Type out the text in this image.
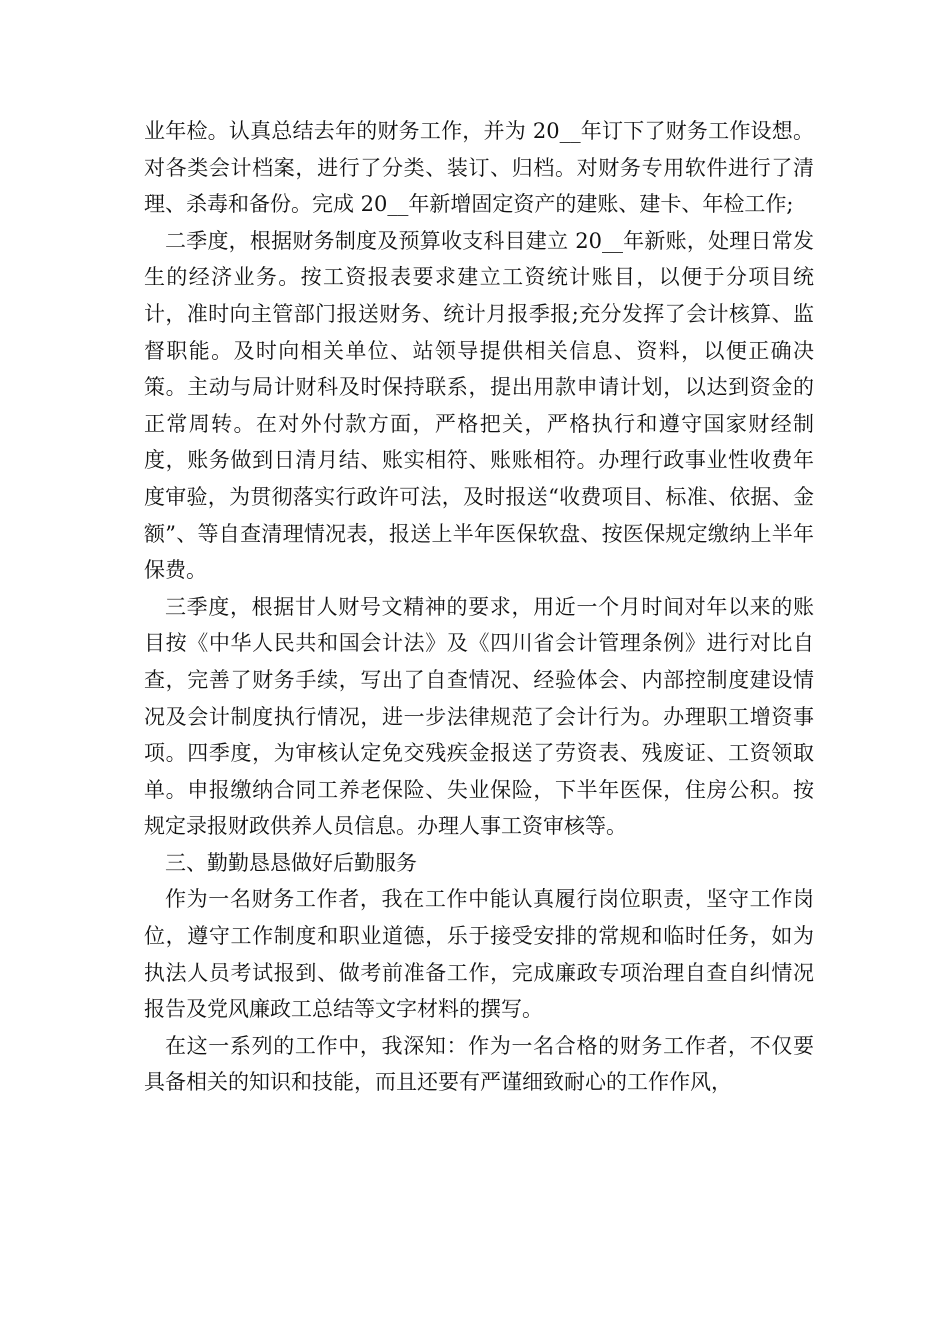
业年检。认真总结去年的财务工作，并为 20__年订下了财务工作设想。对各类会计档案，进行了分类、装订、归档。对财务专用软件进行了清理、杀毒和备份。完成 20__年新增固定资产的建账、建卡、年检工作;

二季度，根据财务制度及预算收支科目建立 20__年新账，处理日常发生的经济业务。按工资报表要求建立工资统计账目，以便于分项目统计，准时向主管部门报送财务、统计月报季报;充分发挥了会计核算、监督职能。及时向相关单位、站领导提供相关信息、资料，以便正确决策。主动与局计财科及时保持联系，提出用款申请计划，以达到资金的正常周转。在对外付款方面，严格把关，严格执行和遵守国家财经制度，账务做到日清月结、账实相符、账账相符。办理行政事业性收费年度审验，为贯彻落实行政许可法，及时报送“收费项目、标准、依据、金额”、等自查清理情况表，报送上半年医保软盘、按医保规定缴纳上半年保费。

三季度，根据甘人财号文精神的要求，用近一个月时间对年以来的账目按《中华人民共和国会计法》及《四川省会计管理条例》进行对比自查，完善了财务手续，写出了自查情况、经验体会、内部控制度建设情况及会计制度执行情况，进一步法律规范了会计行为。办理职工增资事项。四季度，为审核认定免交残疾金报送了劳资表、残废证、工资领取单。申报缴纳合同工养老保险、失业保险，下半年医保，住房公积。按规定录报财政供养人员信息。办理人事工资审核等。

三、勤勤恳恳做好后勤服务

作为一名财务工作者，我在工作中能认真履行岗位职责，坚守工作岗位，遵守工作制度和职业道德，乐于接受安排的常规和临时任务，如为执法人员考试报到、做考前准备工作，完成廉政专项治理自查自纠情况报告及党风廉政工总结等文字材料的撰写。

在这一系列的工作中，我深知：作为一名合格的财务工作者，不仅要具备相关的知识和技能，而且还要有严谨细致耐心的工作作风，
